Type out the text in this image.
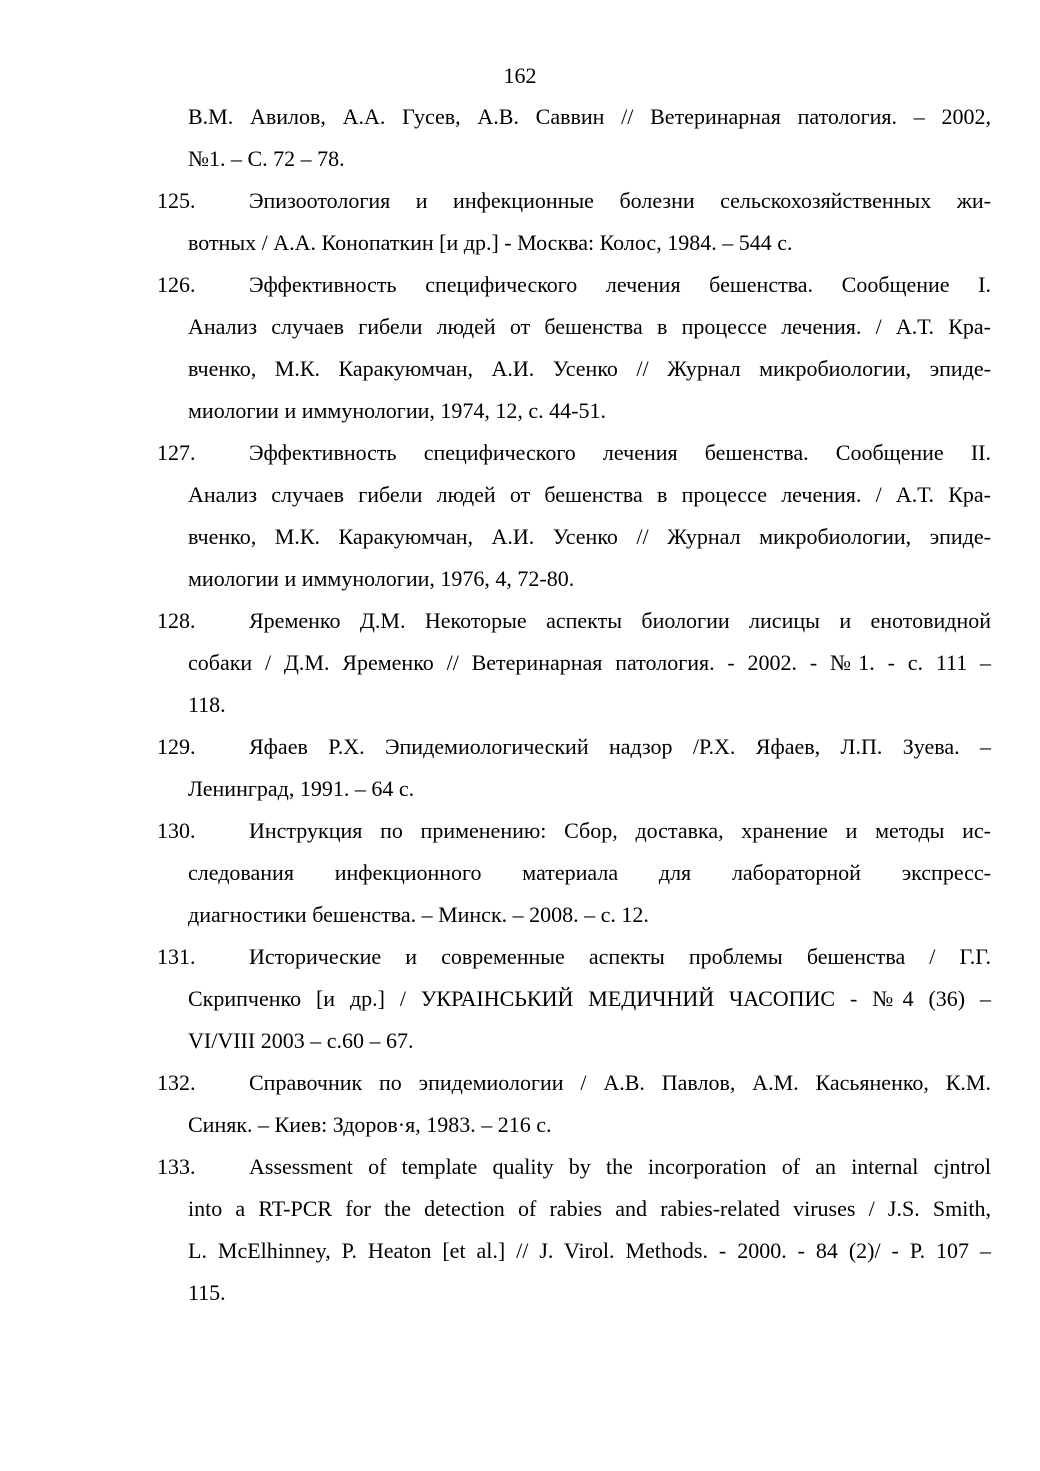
162
В.М. Авилов, А.А. Гусев, А.В. Саввин // Ветеринарная патология. – 2002,
№1. – С. 72 – 78.
125. Эпизоотология и инфекционные болезни сельскохозяйственных жи-
вотных / А.А. Конопаткин [и др.] - Москва: Колос, 1984. – 544 с.
126. Эффективность специфического лечения бешенства. Сообщение I.
Анализ случаев гибели людей от бешенства в процессе лечения. / А.Т. Кра-
вченко, М.К. Каракуюмчан, А.И. Усенко // Журнал микробиологии, эпиде-
миологии и иммунологии, 1974, 12, с. 44-51.
127. Эффективность специфического лечения бешенства. Сообщение II.
Анализ случаев гибели людей от бешенства в процессе лечения. / А.Т. Кра-
вченко, М.К. Каракуюмчан, А.И. Усенко // Журнал микробиологии, эпиде-
миологии и иммунологии, 1976, 4, 72-80.
128. Яременко Д.М. Некоторые аспекты биологии лисицы и енотовидной
собаки / Д.М. Яременко // Ветеринарная патология. - 2002. - №1. - с. 111 –
118.
129. Яфаев Р.Х. Эпидемиологический надзор /Р.Х. Яфаев, Л.П. Зуева. –
Ленинград, 1991. – 64 с.
130. Инструкция по применению: Сбор, доставка, хранение и методы ис-
следования инфекционного материала для лабораторной экспресс-
диагностики бешенства. – Минск. – 2008. – с. 12.
131. Исторические и современные аспекты проблемы бешенства / Г.Г.
Скрипченко [и др.] / УКРАІНСЬКИЙ МЕДИЧНИЙ ЧАСОПИС - №4 (36) –
VI/VIII 2003 – с.60 – 67.
132. Справочник по эпидемиологии / А.В. Павлов, А.М. Касьяненко, К.М.
Синяк. – Киев: Здоров·я, 1983. – 216 с.
133. Assessment of template quality by the incorporation of an internal cjntrol
into a RT-PCR for the detection of rabies and rabies-related viruses / J.S. Smith,
L. McElhinney, P. Heaton [et al.] // J. Virol. Methods. - 2000. - 84 (2)/ - P. 107 –
115.
